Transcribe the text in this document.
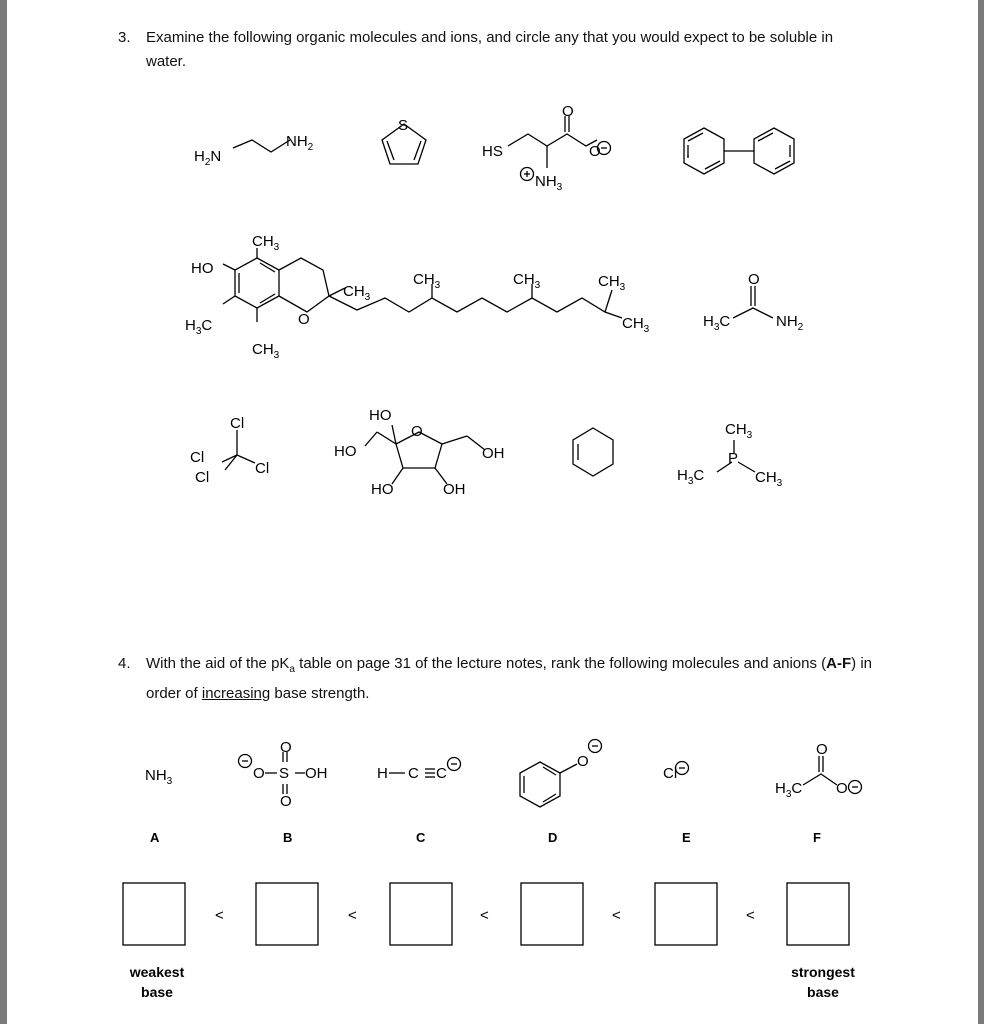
3. Examine the following organic molecules and ions, and circle any that you would expect to be soluble in water.
4. With the aid of the $pK_a$ table on page 31 of the lecture notes, rank the following molecules and anions (A-F) in order of increasing base strength.
$H_2N$
$NH_2$
S
HS
O
O
$NH_3$
HO
$H_3C$
$CH_3$
$CH_3$
$CH_3$
$CH_3$	$CH_3$	$CH_3$
$CH_3$
O
O
$H_3C$	$NH_2$
Cl
Cl
Cl
Cl
HO
O
HO	OH
HO	OH
$CH_3$
P
$H_3C$	$CH_3$
$NH_3$	O S OH
O
O
H C C
O
Cl
O
$H_3C$ O
A	B	C	D	E	F
<	<	<	<	<
weakest
base
strongest
base
